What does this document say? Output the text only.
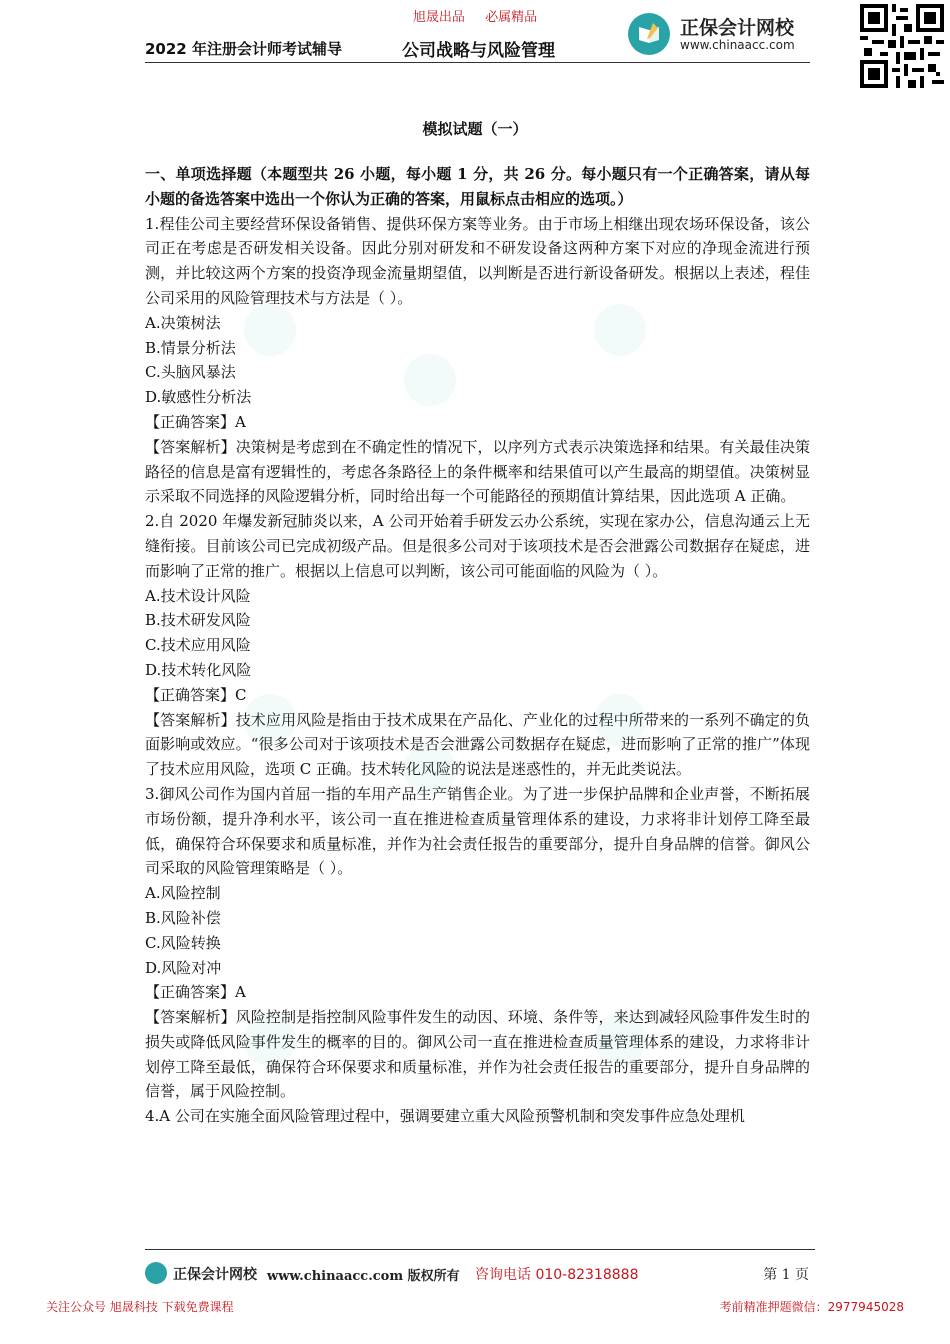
旭晟出品 必属精品
2022 年注册会计师考试辅导	公司战略与风险管理
正保会计网校
www.chinaacc.com
模拟试题（一）

一、单项选择题（本题型共 26 小题，每小题 1 分，共 26 分。每小题只有一个正确答案，请从每小题的备选答案中选出一个你认为正确的答案，用鼠标点击相应的选项。）

1.程佳公司主要经营环保设备销售、提供环保方案等业务。由于市场上相继出现农场环保设备，该公司正在考虑是否研发相关设备。因此分别对研发和不研发设备这两种方案下对应的净现金流进行预测，并比较这两个方案的投资净现金流量期望值，以判断是否进行新设备研发。根据以上表述，程佳公司采用的风险管理技术与方法是（ ）。

A.决策树法

B.情景分析法

C.头脑风暴法

D.敏感性分析法

【正确答案】A

【答案解析】决策树是考虑到在不确定性的情况下，以序列方式表示决策选择和结果。有关最佳决策路径的信息是富有逻辑性的，考虑各条路径上的条件概率和结果值可以产生最高的期望值。决策树显示采取不同选择的风险逻辑分析，同时给出每一个可能路径的预期值计算结果，因此选项 A 正确。

2.自 2020 年爆发新冠肺炎以来，A 公司开始着手研发云办公系统，实现在家办公，信息沟通云上无缝衔接。目前该公司已完成初级产品。但是很多公司对于该项技术是否会泄露公司数据存在疑虑，进而影响了正常的推广。根据以上信息可以判断，该公司可能面临的风险为（ ）。

A.技术设计风险

B.技术研发风险

C.技术应用风险

D.技术转化风险

【正确答案】C

【答案解析】技术应用风险是指由于技术成果在产品化、产业化的过程中所带来的一系列不确定的负面影响或效应。“很多公司对于该项技术是否会泄露公司数据存在疑虑，进而影响了正常的推广”体现了技术应用风险，选项 C 正确。技术转化风险的说法是迷惑性的，并无此类说法。

3.御风公司作为国内首屈一指的车用产品生产销售企业。为了进一步保护品牌和企业声誉，不断拓展市场份额，提升净利水平，该公司一直在推进检查质量管理体系的建设，力求将非计划停工降至最低，确保符合环保要求和质量标准，并作为社会责任报告的重要部分，提升自身品牌的信誉。御风公司采取的风险管理策略是（ ）。

A.风险控制

B.风险补偿

C.风险转换

D.风险对冲

【正确答案】A

【答案解析】风险控制是指控制风险事件发生的动因、环境、条件等，来达到减轻风险事件发生时的损失或降低风险事件发生的概率的目的。御风公司一直在推进检查质量管理体系的建设，力求将非计划停工降至最低，确保符合环保要求和质量标准，并作为社会责任报告的重要部分，提升自身品牌的信誉，属于风险控制。

4.A 公司在实施全面风险管理过程中，强调要建立重大风险预警机制和突发事件应急处理机

正保会计网校 www.chinaacc.com 版权所有 咨询电话 010-82318888	第 1 页
关注公众号 旭晟科技 下载免费课程	考前精准押题微信：2977945028
